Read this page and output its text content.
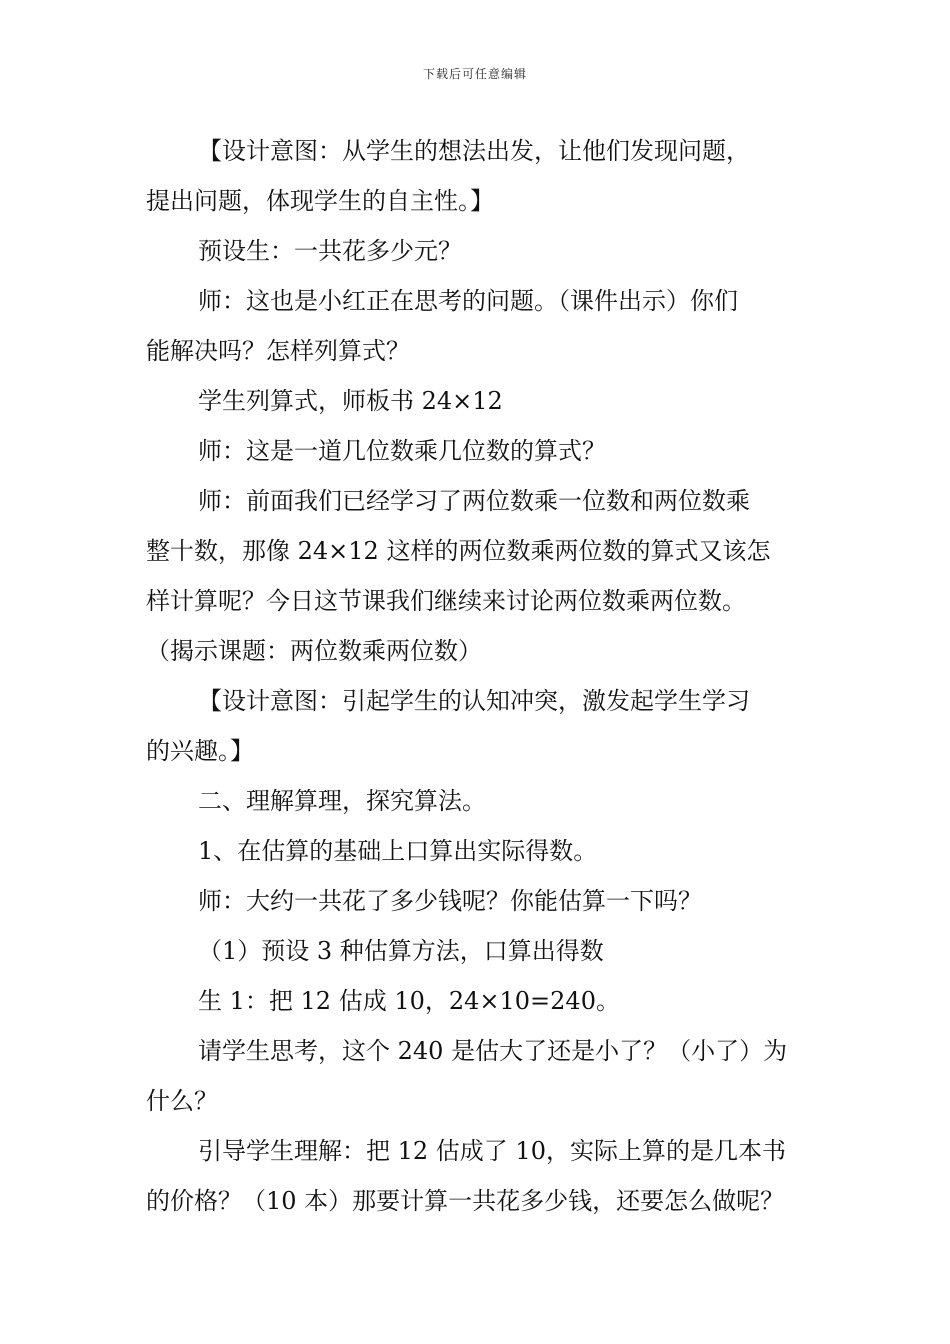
下载后可任意编辑

【设计意图：从学生的想法出发，让他们发现问题，

提出问题，体现学生的自主性。】

预设生：一共花多少元？

师：这也是小红正在思考的问题。（课件出示）你们

能解决吗？怎样列算式？

学生列算式，师板书 24×12

师：这是一道几位数乘几位数的算式？

师：前面我们已经学习了两位数乘一位数和两位数乘

整十数，那像 24×12 这样的两位数乘两位数的算式又该怎

样计算呢？今日这节课我们继续来讨论两位数乘两位数。

（揭示课题：两位数乘两位数）

【设计意图：引起学生的认知冲突，激发起学生学习

的兴趣。】

二、理解算理，探究算法。

1、在估算的基础上口算出实际得数。

师：大约一共花了多少钱呢？你能估算一下吗？

（1）预设 3 种估算方法，口算出得数

生 1：把 12 估成 10，24×10=240。

请学生思考，这个 240 是估大了还是小了？（小了）为

什么？

引导学生理解：把 12 估成了 10，实际上算的是几本书

的价格？（10 本）那要计算一共花多少钱，还要怎么做呢？
